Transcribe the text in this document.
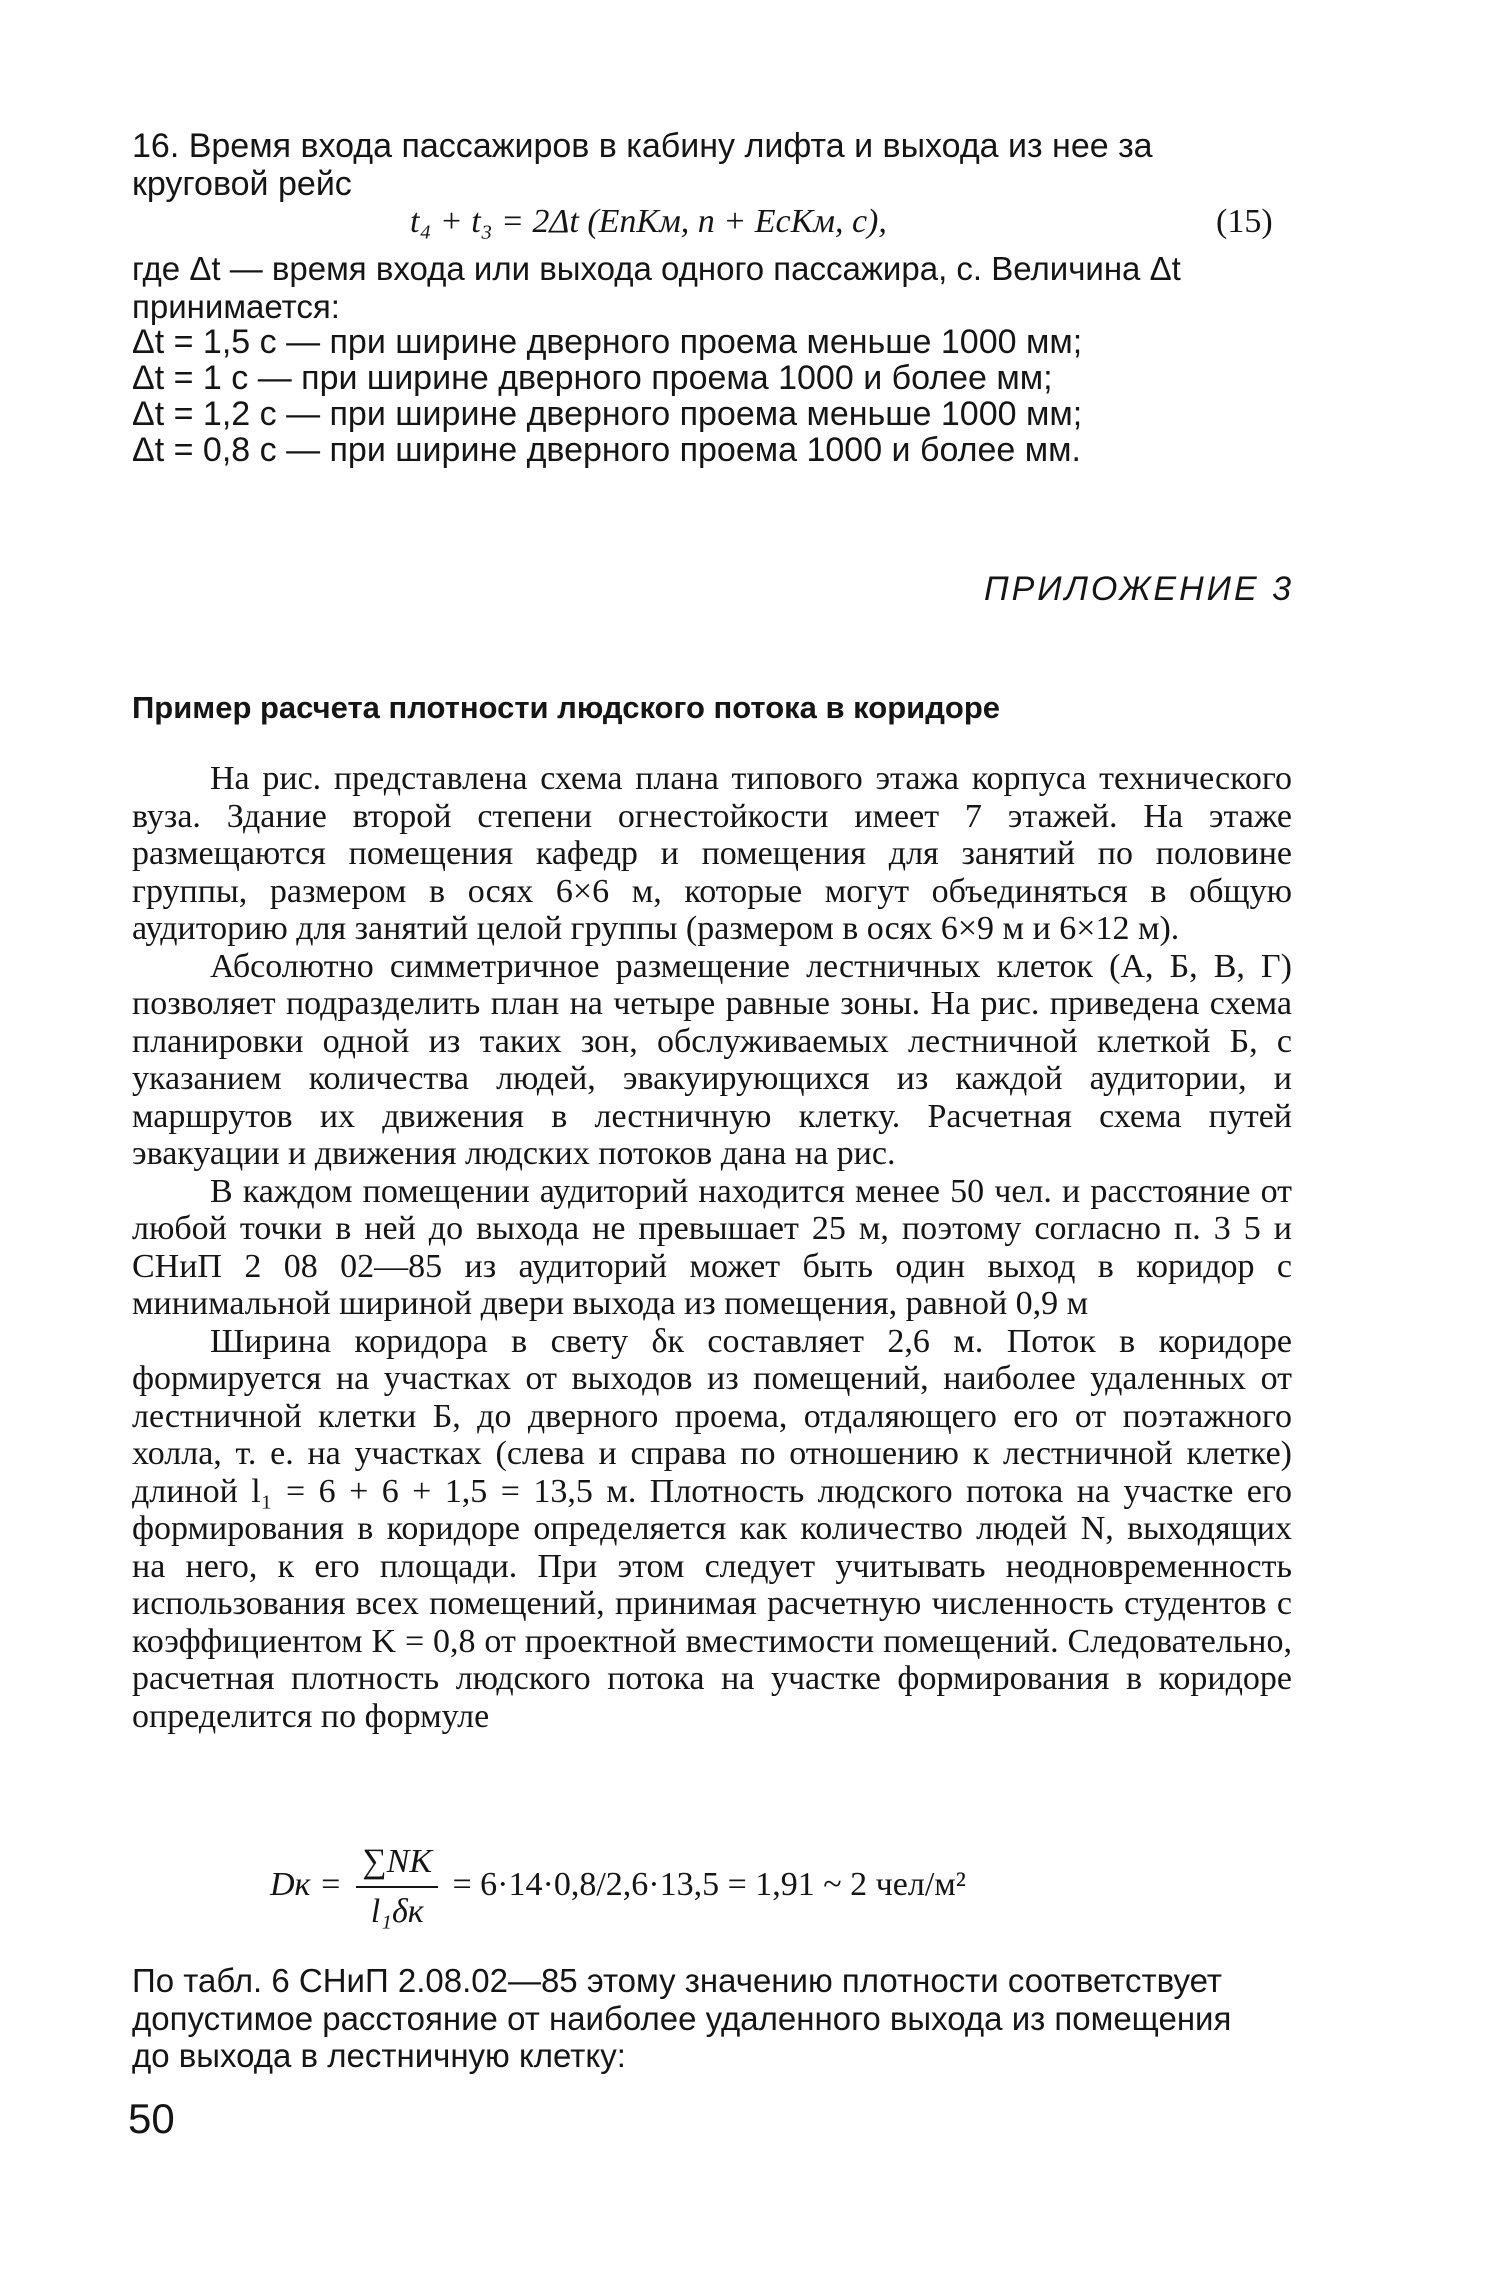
16. Время входа пассажиров в кабину лифта и выхода из нее за
круговой рейс

t₄ + t₃ = 2Δt (EпKм, п + EсKм, с),	(15)

где Δt — время входа или выхода одного пассажира, с. Величина Δt
принимается:

Δt = 1,5 с — при ширине дверного проема меньше 1000 мм;
Δt = 1 с — при ширине дверного проема 1000 и более мм;
Δt = 1,2 с — при ширине дверного проема меньше 1000 мм;
Δt = 0,8 с — при ширине дверного проема 1000 и более мм.
ПРИЛОЖЕНИЕ 3
Пример расчета плотности людского потока в коридоре

На рис. представлена схема плана типового этажа корпуса технического вуза. Здание второй степени огнестойкости имеет 7 этажей. На этаже размещаются помещения кафедр и помещения для занятий по половине группы, размером в осях 6×6 м, которые могут объединяться в общую аудиторию для занятий целой группы (размером в осях 6×9 м и 6×12 м).

Абсолютно симметричное размещение лестничных клеток (А, Б, В, Г) позволяет подразделить план на четыре равные зоны. На рис. приведена схема планировки одной из таких зон, обслуживаемых лестничной клеткой Б, с указанием количества людей, эвакуирующихся из каждой аудитории, и маршрутов их движения в лестничную клетку. Расчетная схема путей эвакуации и движения людских потоков дана на рис.

В каждом помещении аудиторий находится менее 50 чел. и расстояние от любой точки в ней до выхода не превышает 25 м, поэтому согласно п. 3 5 и СНиП 2 08 02—85 из аудиторий может быть один выход в коридор с минимальной шириной двери выхода из помещения, равной 0,9 м

Ширина коридора в свету δк составляет 2,6 м. Поток в коридоре формируется на участках от выходов из помещений, наиболее удаленных от лестничной клетки Б, до дверного проема, отдаляющего его от поэтажного холла, т. е. на участках (слева и справа по отношению к лестничной клетке) длиной l₁ = 6 + 6 + 1,5 = 13,5 м. Плотность людского потока на участке его формирования в коридоре определяется как количество людей N, выходящих на него, к его площади. При этом следует учитывать неодновременность использования всех помещений, принимая расчетную численность студентов с коэффициентом K = 0,8 от проектной вместимости помещений. Следовательно, расчетная плотность людского потока на участке формирования в коридоре определится по формуле

Dк = $\frac{\sum NK}{\text{l₁δк}} = 6\cdot 14\cdot 0,8/2,6\cdot 13,5 = 1,91$ ~ 2 чел/м²

По табл. 6 СНиП 2.08.02—85 этому значению плотности соответствует
допустимое расстояние от наиболее удаленного выхода из помещения
до выхода в лестничную клетку:

50
